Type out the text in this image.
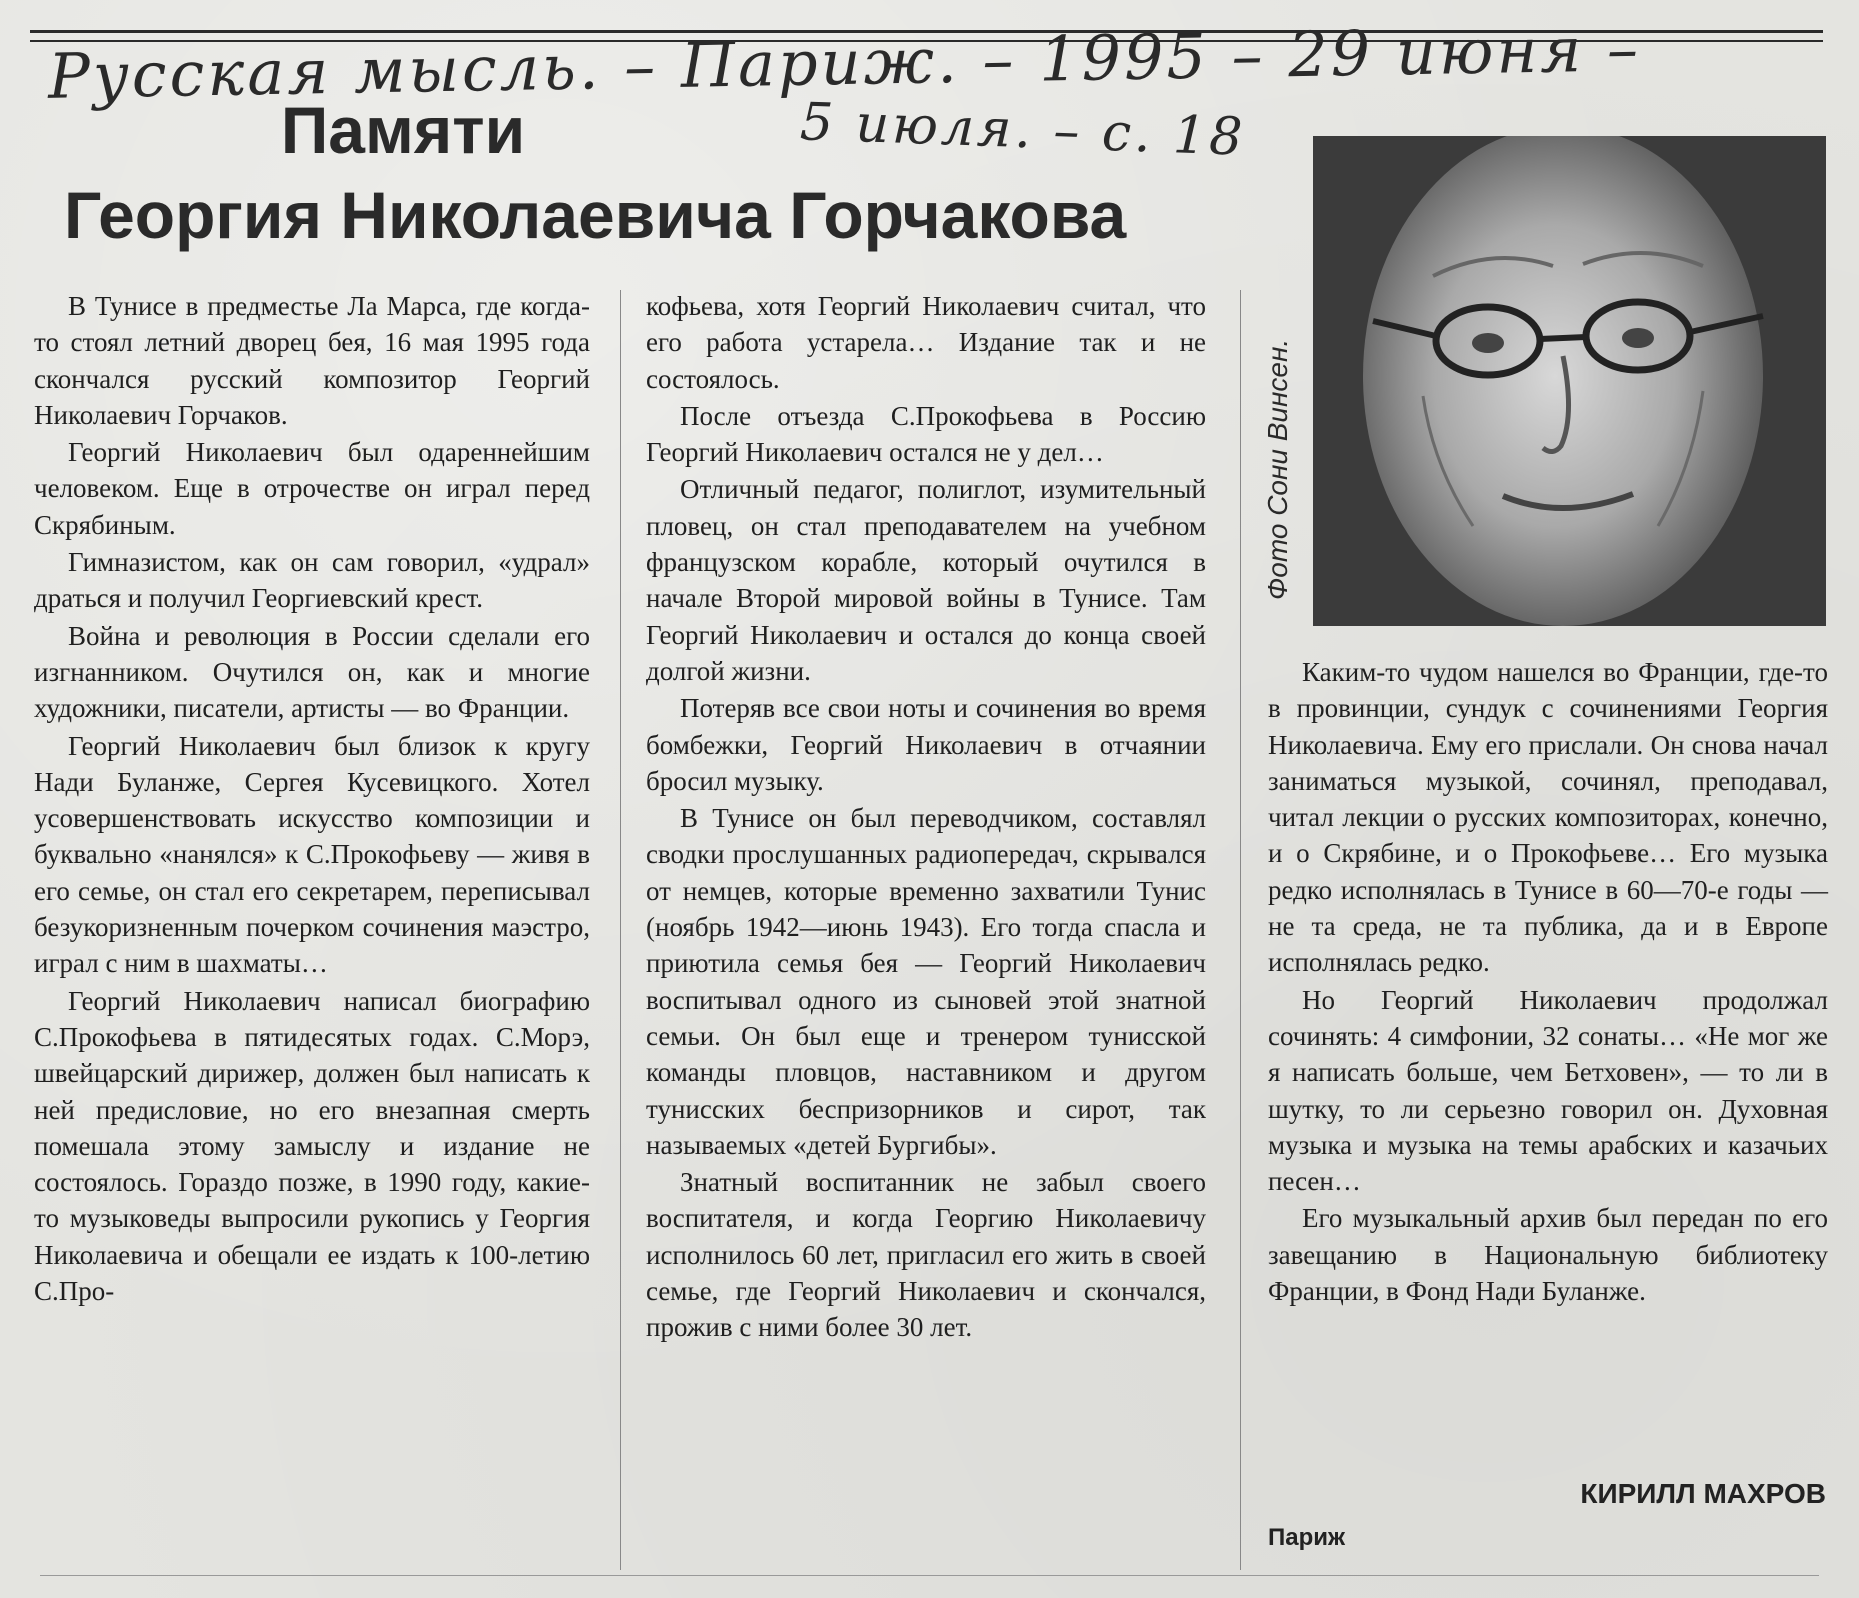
Русская мысль. – Париж. – 1995 – 29 июня –
5 июля. – с. 18
Памяти
Георгия Николаевича Горчакова

В Тунисе в предместье Ла Марса, где когда-то стоял летний дворец бея, 16 мая 1995 года скончался русский композитор Георгий Николаевич Горчаков.

Георгий Николаевич был одареннейшим человеком. Еще в отрочестве он играл перед Скрябиным.

Гимназистом, как он сам говорил, «удрал» драться и получил Георгиевский крест.

Война и революция в России сделали его изгнанником. Очутился он, как и многие художники, писатели, артисты — во Франции.

Георгий Николаевич был близок к кругу Нади Буланже, Сергея Кусевицкого. Хотел усовершенствовать искусство композиции и буквально «нанялся» к С.Прокофьеву — живя в его семье, он стал его секретарем, переписывал безукоризненным почерком сочинения маэстро, играл с ним в шахматы…

Георгий Николаевич написал биографию С.Прокофьева в пятидесятых годах. С.Морэ, швейцарский дирижер, должен был написать к ней предисловие, но его внезапная смерть помешала этому замыслу и издание не состоялось. Гораздо позже, в 1990 году, какие-то музыковеды выпросили рукопись у Георгия Николаевича и обещали ее издать к 100-летию С.Про-

кофьева, хотя Георгий Николаевич считал, что его работа устарела… Издание так и не состоялось.

После отъезда С.Прокофьева в Россию Георгий Николаевич остался не у дел…

Отличный педагог, полиглот, изумительный пловец, он стал преподавателем на учебном французском корабле, который очутился в начале Второй мировой войны в Тунисе. Там Георгий Николаевич и остался до конца своей долгой жизни.

Потеряв все свои ноты и сочинения во время бомбежки, Георгий Николаевич в отчаянии бросил музыку.

В Тунисе он был переводчиком, составлял сводки прослушанных радиопередач, скрывался от немцев, которые временно захватили Тунис (ноябрь 1942—июнь 1943). Его тогда спасла и приютила семья бея — Георгий Николаевич воспитывал одного из сыновей этой знатной семьи. Он был еще и тренером тунисской команды пловцов, наставником и другом тунисских беспризорников и сирот, так называемых «детей Бургибы».

Знатный воспитанник не забыл своего воспитателя, и когда Георгию Николаевичу исполнилось 60 лет, пригласил его жить в своей семье, где Георгий Николаевич и скончался, прожив с ними более 30 лет.

Фото Сони Винсен.

Каким-то чудом нашелся во Франции, где-то в провинции, сундук с сочинениями Георгия Николаевича. Ему его прислали. Он снова начал заниматься музыкой, сочинял, преподавал, читал лекции о русских композиторах, конечно, и о Скрябине, и о Прокофьеве… Его музыка редко исполнялась в Тунисе в 60—70-е годы — не та среда, не та публика, да и в Европе исполнялась редко.

Но Георгий Николаевич продолжал сочинять: 4 симфонии, 32 сонаты… «Не мог же я написать больше, чем Бетховен», — то ли в шутку, то ли серьезно говорил он. Духовная музыка и музыка на темы арабских и казачьих песен…

Его музыкальный архив был передан по его завещанию в Национальную библиотеку Франции, в Фонд Нади Буланже.

КИРИЛЛ МАХРОВ
Париж
